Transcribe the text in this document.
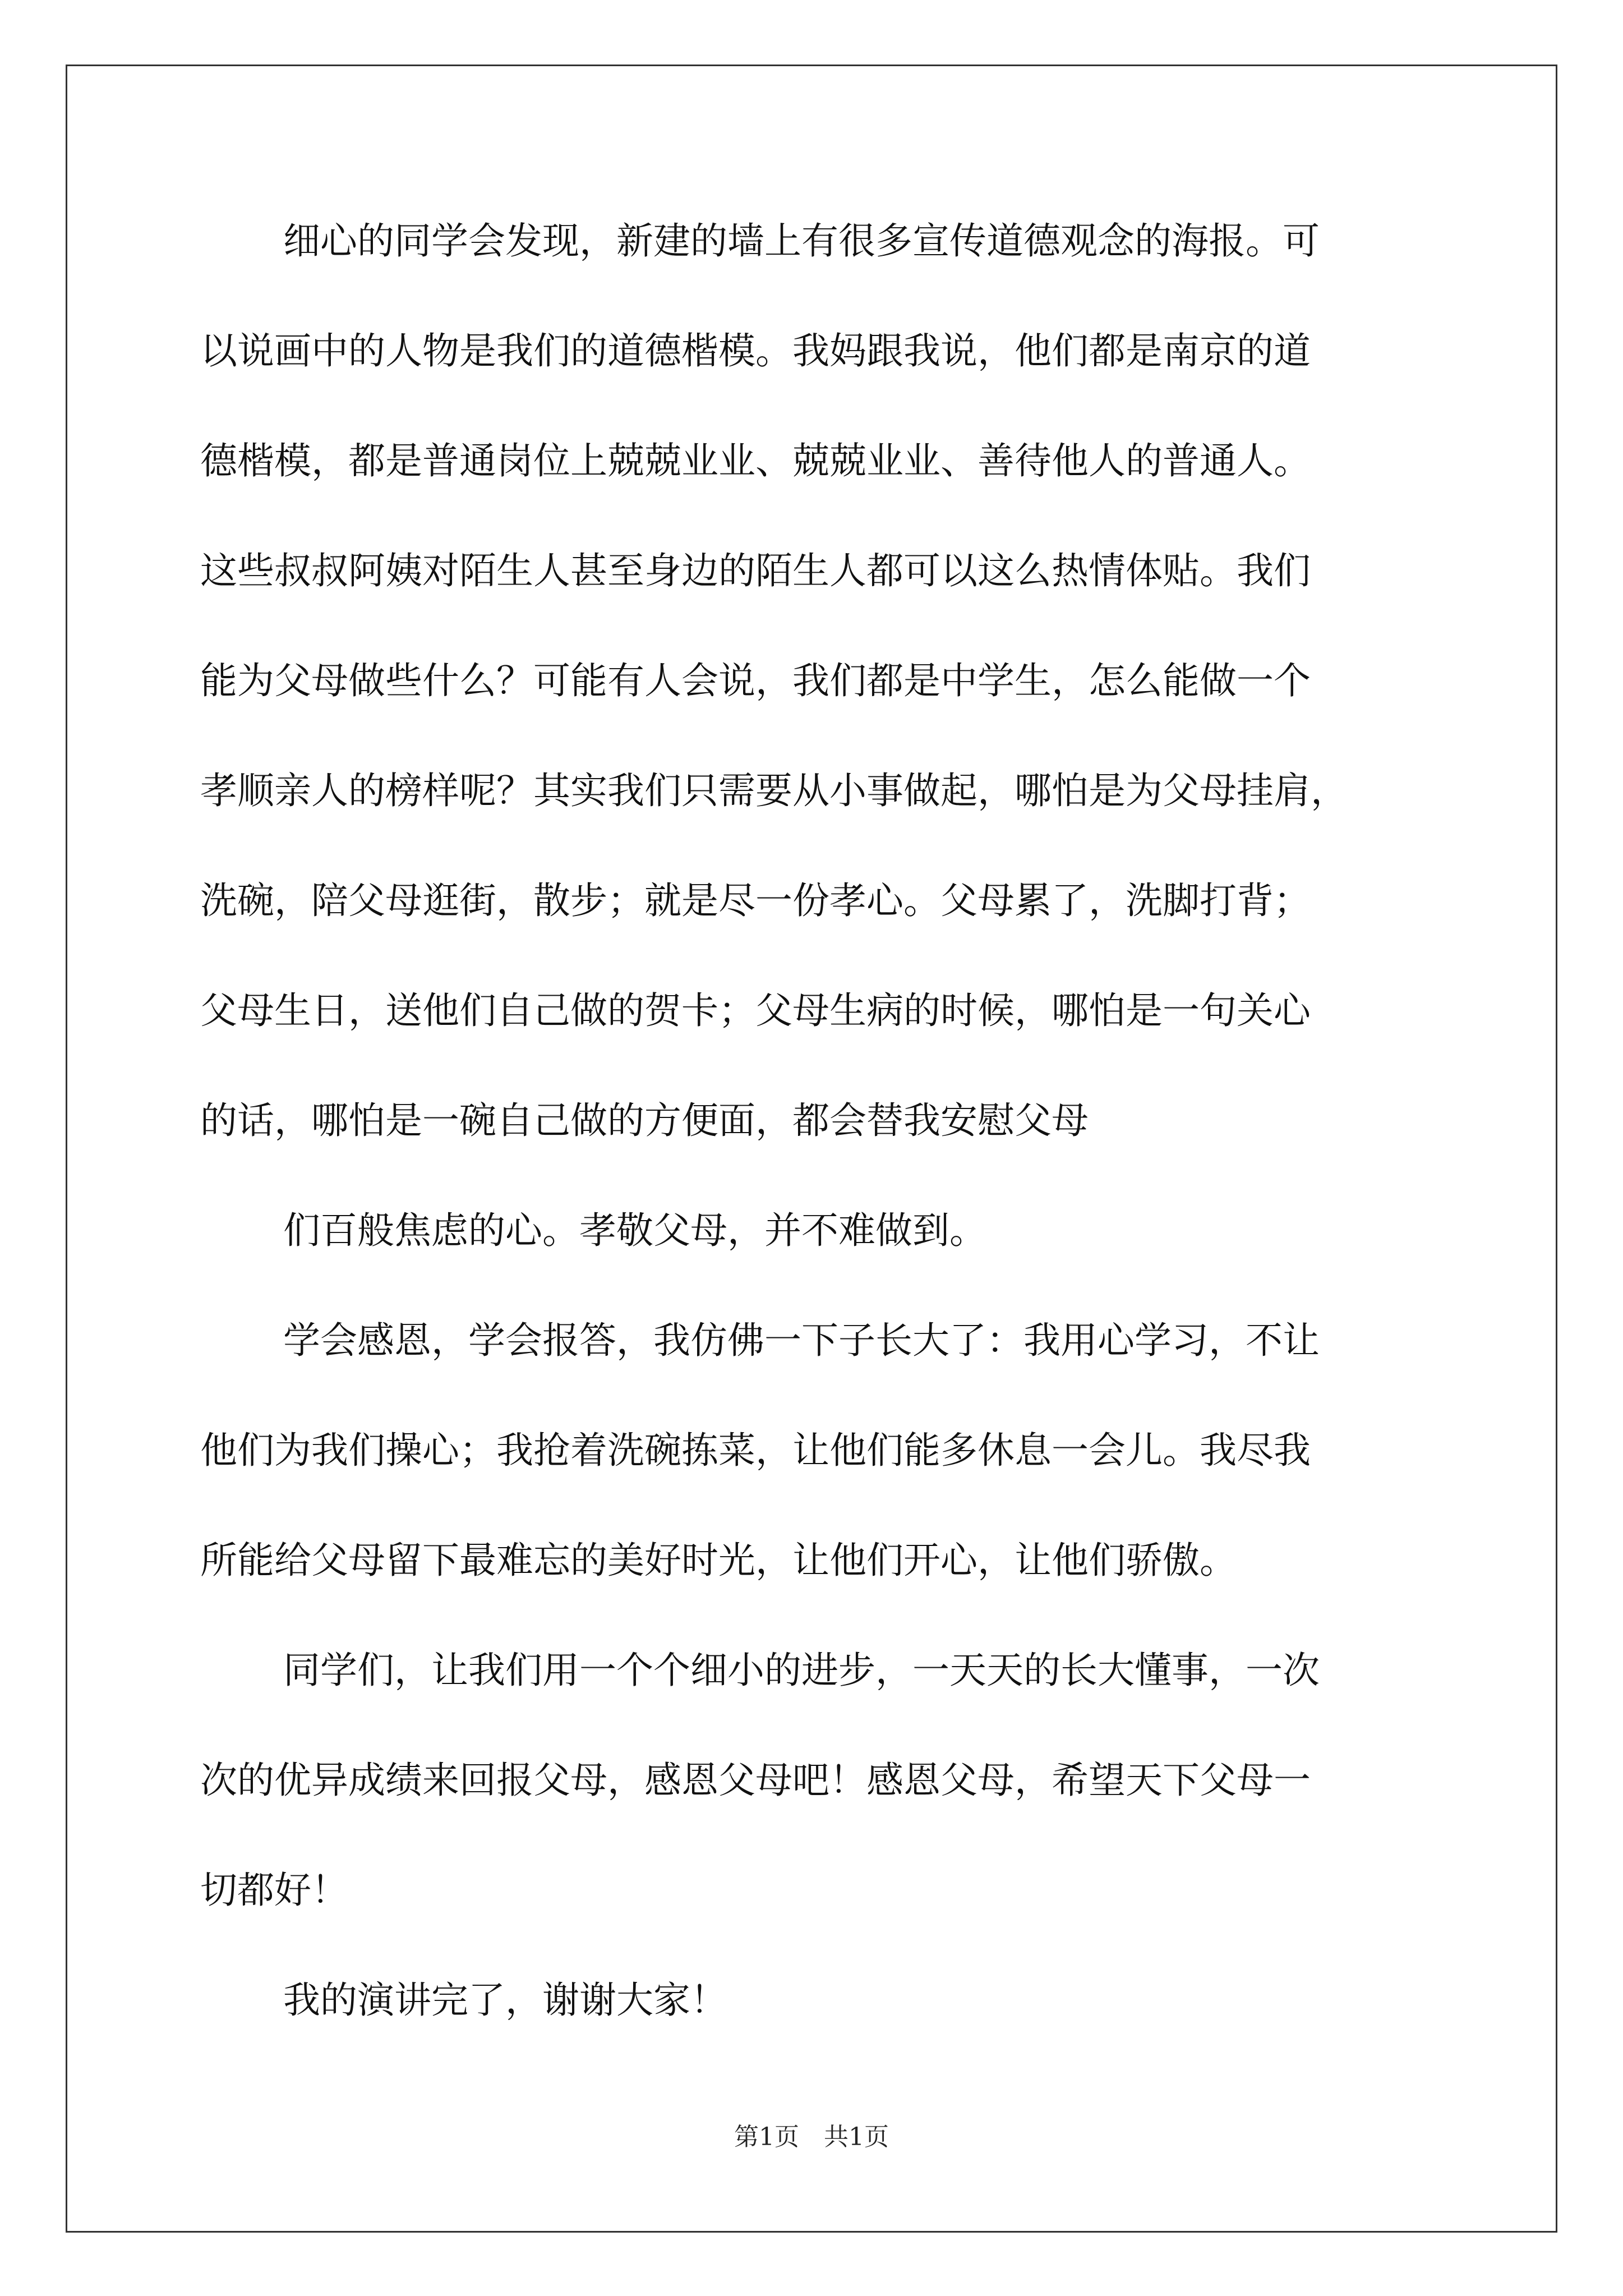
细心的同学会发现，新建的墙上有很多宣传道德观念的海报。可
以说画中的人物是我们的道德楷模。我妈跟我说，他们都是南京的道
德楷模，都是普通岗位上兢兢业业、兢兢业业、善待他人的普通人。
这些叔叔阿姨对陌生人甚至身边的陌生人都可以这么热情体贴。我们
能为父母做些什么？可能有人会说，我们都是中学生，怎么能做一个
孝顺亲人的榜样呢？其实我们只需要从小事做起，哪怕是为父母挂肩，
洗碗，陪父母逛街，散步；就是尽一份孝心。父母累了，洗脚打背；
父母生日，送他们自己做的贺卡；父母生病的时候，哪怕是一句关心
的话，哪怕是一碗自己做的方便面，都会替我安慰父母
们百般焦虑的心。孝敬父母，并不难做到。
学会感恩，学会报答，我仿佛一下子长大了：我用心学习，不让
他们为我们操心；我抢着洗碗拣菜，让他们能多休息一会儿。我尽我
所能给父母留下最难忘的美好时光，让他们开心，让他们骄傲。
同学们，让我们用一个个细小的进步，一天天的长大懂事，一次
次的优异成绩来回报父母，感恩父母吧！感恩父母，希望天下父母一
切都好！
我的演讲完了，谢谢大家！
第1页　共1页
